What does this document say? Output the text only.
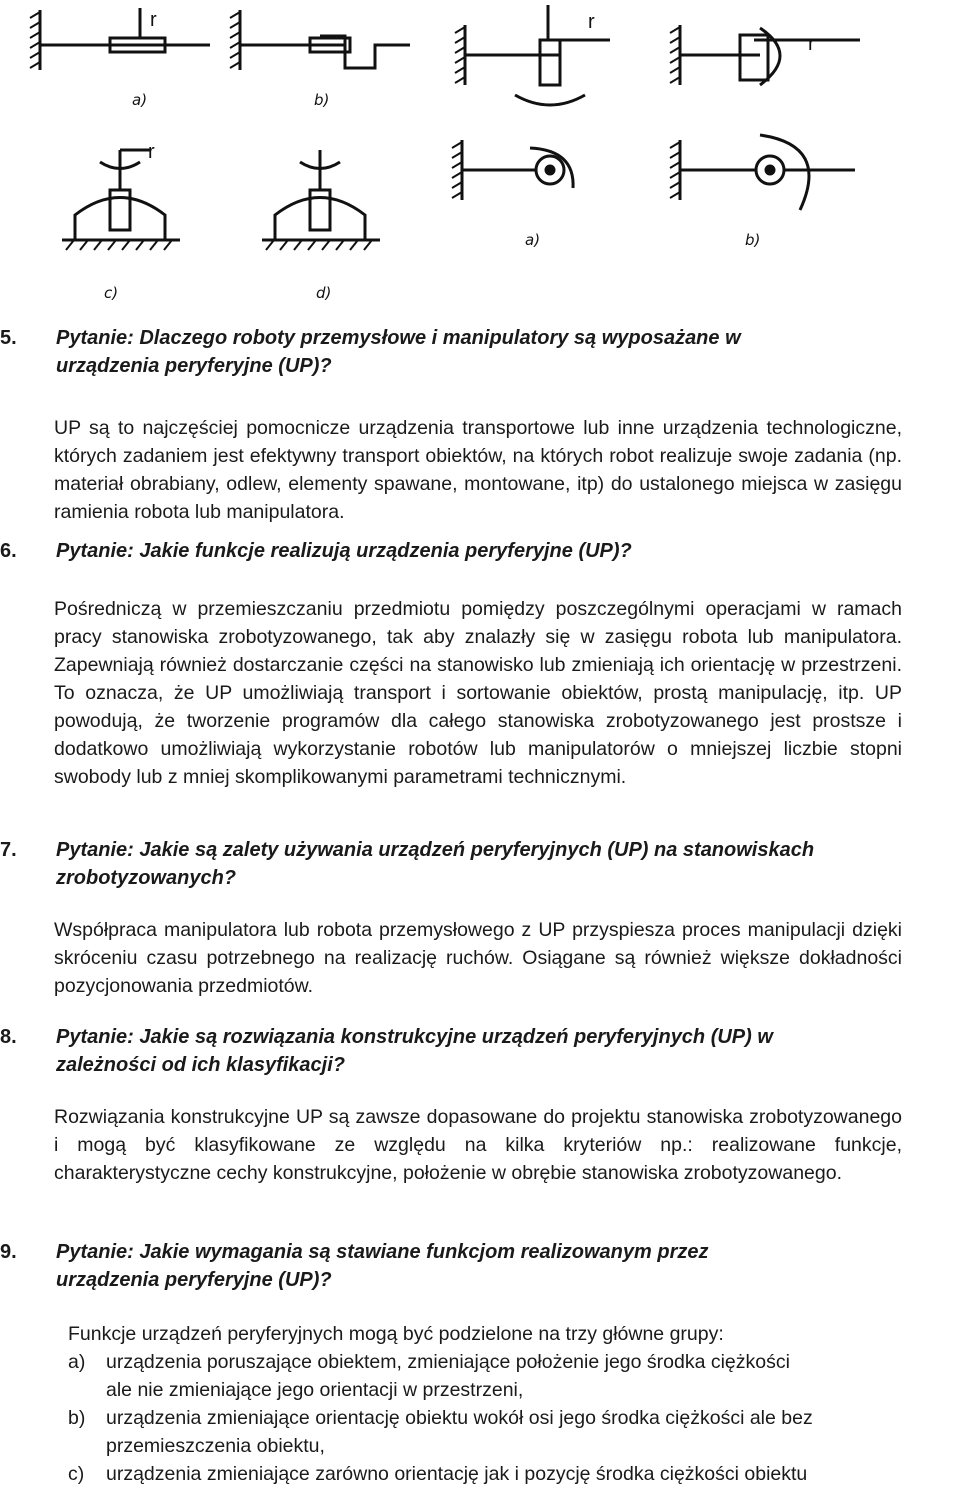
r
a)	b)
r
r
r
c)	d)
a)	b)

5. Pytanie: Dlaczego roboty przemysłowe i manipulatory są wyposażane w
urządzenia peryferyjne (UP)?

UP są to najczęściej pomocnicze urządzenia transportowe lub inne urządzenia technologiczne, których zadaniem jest efektywny transport obiektów, na których robot realizuje swoje zadania (np. materiał obrabiany, odlew, elementy spawane, montowane, itp) do ustalonego miejsca w zasięgu ramienia robota lub manipulatora.

6. Pytanie: Jakie funkcje realizują urządzenia peryferyjne (UP)?

Pośredniczą w przemieszczaniu przedmiotu pomiędzy poszczególnymi operacjami w ramach pracy stanowiska zrobotyzowanego, tak aby znalazły się w zasięgu robota lub manipulatora. Zapewniają również dostarczanie części na stanowisko lub zmieniają ich orientację w przestrzeni. To oznacza, że UP umożliwiają transport i sortowanie obiektów, prostą manipulację, itp. UP powodują, że tworzenie programów dla całego stanowiska zrobotyzowanego jest prostsze i dodatkowo umożliwiają wykorzystanie robotów lub manipulatorów o mniejszej liczbie stopni swobody lub z mniej skomplikowanymi parametrami technicznymi.

7. Pytanie: Jakie są zalety używania urządzeń peryferyjnych (UP) na stanowiskach
zrobotyzowanych?

Współpraca manipulatora lub robota przemysłowego z UP przyspiesza proces manipulacji dzięki skróceniu czasu potrzebnego na realizację ruchów. Osiągane są również większe dokładności pozycjonowania przedmiotów.

8. Pytanie: Jakie są rozwiązania konstrukcyjne urządzeń peryferyjnych (UP) w
zależności od ich klasyfikacji?

Rozwiązania konstrukcyjne UP są zawsze dopasowane do projektu stanowiska zrobotyzowanego i mogą być klasyfikowane ze względu na kilka kryteriów np.: realizowane funkcje, charakterystyczne cechy konstrukcyjne, położenie w obrębie stanowiska zrobotyzowanego.

9. Pytanie: Jakie wymagania są stawiane funkcjom realizowanym przez
urządzenia peryferyjne (UP)?

Funkcje urządzeń peryferyjnych mogą być podzielone na trzy główne grupy:
a) urządzenia poruszające obiektem, zmieniające położenie jego środka ciężkości
ale nie zmieniające jego orientacji w przestrzeni,
b) urządzenia zmieniające orientację obiektu wokół osi jego środka ciężkości ale bez
przemieszczenia obiektu,
c) urządzenia zmieniające zarówno orientację jak i pozycję środka ciężkości obiektu
